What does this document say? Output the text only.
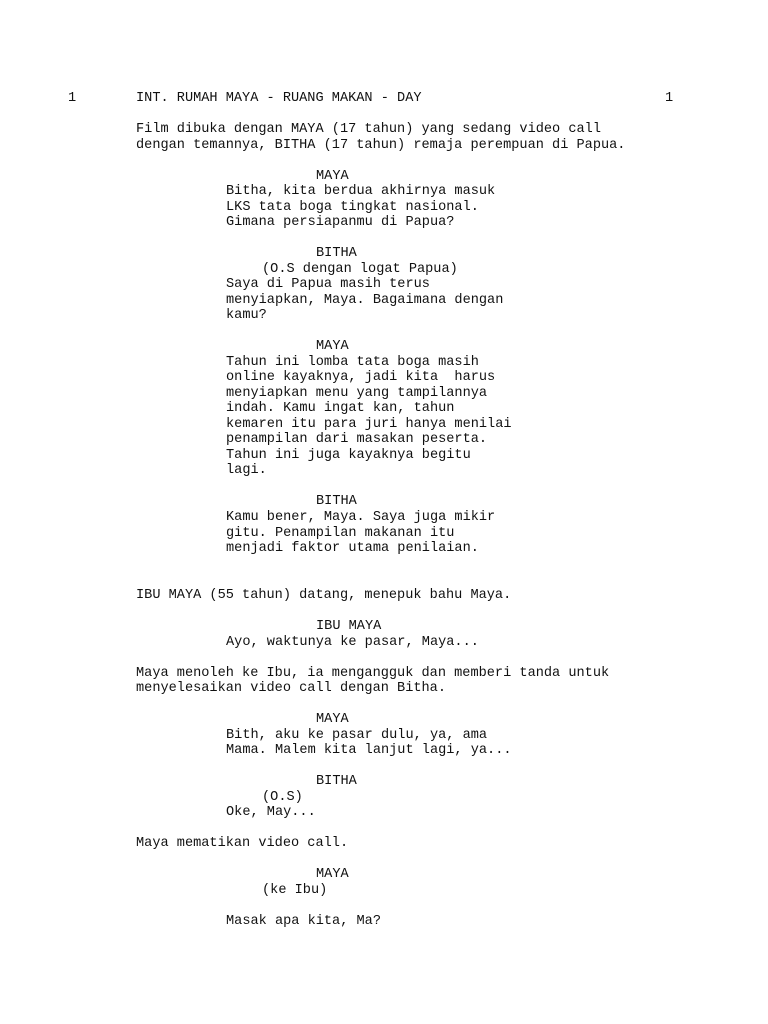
1	INT. RUMAH MAYA - RUANG MAKAN - DAY	1
Film dibuka dengan MAYA (17 tahun) yang sedang video call
dengan temannya, BITHA (17 tahun) remaja perempuan di Papua.
MAYA
Bitha, kita berdua akhirnya masuk
LKS tata boga tingkat nasional.
Gimana persiapanmu di Papua?
BITHA
(O.S dengan logat Papua)
Saya di Papua masih terus
menyiapkan, Maya. Bagaimana dengan
kamu?
MAYA
Tahun ini lomba tata boga masih
online kayaknya, jadi kita  harus
menyiapkan menu yang tampilannya
indah. Kamu ingat kan, tahun
kemaren itu para juri hanya menilai
penampilan dari masakan peserta.
Tahun ini juga kayaknya begitu
lagi.
BITHA
Kamu bener, Maya. Saya juga mikir
gitu. Penampilan makanan itu
menjadi faktor utama penilaian.
IBU MAYA (55 tahun) datang, menepuk bahu Maya.
IBU MAYA
Ayo, waktunya ke pasar, Maya...
Maya menoleh ke Ibu, ia mengangguk dan memberi tanda untuk
menyelesaikan video call dengan Bitha.
MAYA
Bith, aku ke pasar dulu, ya, ama
Mama. Malem kita lanjut lagi, ya...
BITHA
(O.S)
Oke, May...
Maya mematikan video call.
MAYA
(ke Ibu)
Masak apa kita, Ma?
